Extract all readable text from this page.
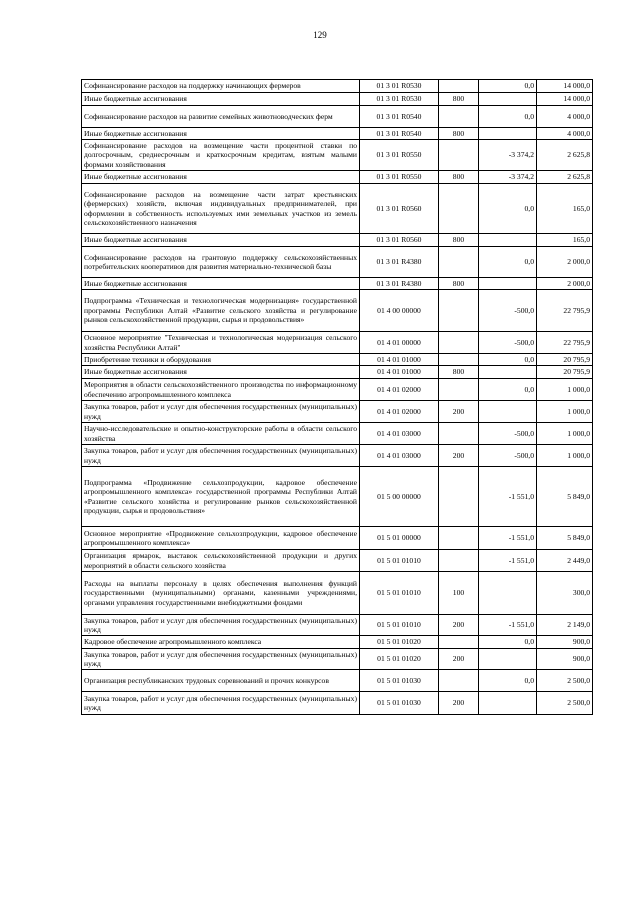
129
Софинансирование расходов на поддержку начинающих фермеров	01 3 01 R0530		0,0	14 000,0
Иные бюджетные ассигнования	01 3 01 R0530	800		14 000,0
Софинансирование расходов на развитие семейных животноводческих ферм	01 3 01 R0540		0,0	4 000,0
Иные бюджетные ассигнования	01 3 01 R0540	800		4 000,0
Софинансирование расходов на возмещение части процентной ставки по долгосрочным, среднесрочным и краткосрочным кредитам, взятым малыми формами хозяйствования	01 3 01 R0550		-3 374,2	2 625,8
Иные бюджетные ассигнования	01 3 01 R0550	800	-3 374,2	2 625,8
Софинансирование расходов на возмещение части затрат крестьянских (фермерских) хозяйств, включая индивидуальных предпринимателей, при оформлении в собственность используемых ими земельных участков из земель сельскохозяйственного назначения	01 3 01 R0560		0,0	165,0
Иные бюджетные ассигнования	01 3 01 R0560	800		165,0
Софинансирование расходов на грантовую поддержку сельскохозяйственных потребительских кооперативов для развития материально-технической базы	01 3 01 R4380		0,0	2 000,0
Иные бюджетные ассигнования	01 3 01 R4380	800		2 000,0
Подпрограмма «Техническая и технологическая модернизация» государственной программы Республики Алтай «Развитие сельского хозяйства и регулирование рынков сельскохозяйственной продукции, сырья и продовольствия»	01 4 00 00000		-500,0	22 795,9
Основное мероприятие "Техническая и технологическая модернизация сельского хозяйства Республики Алтай"	01 4 01 00000		-500,0	22 795,9
Приобретение техники и оборудования	01 4 01 01000		0,0	20 795,9
Иные бюджетные ассигнования	01 4 01 01000	800		20 795,9
Мероприятия в области сельскохозяйственного производства по информационному обеспечению агропромышленного комплекса	01 4 01 02000		0,0	1 000,0
Закупка товаров, работ и услуг для обеспечения государственных (муниципальных) нужд	01 4 01 02000	200		1 000,0
Научно-исследовательские и опытно-конструкторские работы в области сельского хозяйства	01 4 01 03000		-500,0	1 000,0
Закупка товаров, работ и услуг для обеспечения государственных (муниципальных) нужд	01 4 01 03000	200	-500,0	1 000,0
Подпрограмма «Продвижение сельхозпродукции, кадровое обеспечение агропромышленного комплекса» государственной программы Республики Алтай «Развитие сельского хозяйства и регулирование рынков сельскохозяйственной продукции, сырья и продовольствия»	01 5 00 00000		-1 551,0	5 849,0
Основное мероприятие «Продвижение сельхозпродукции, кадровое обеспечение агропромышленного комплекса»	01 5 01 00000		-1 551,0	5 849,0
Организация ярмарок, выставок сельскохозяйственной продукции и других мероприятий в области сельского хозяйства	01 5 01 01010		-1 551,0	2 449,0
Расходы на выплаты персоналу в целях обеспечения выполнения функций государственными (муниципальными) органами, казенными учреждениями, органами управления государственными внебюджетными фондами	01 5 01 01010	100		300,0
Закупка товаров, работ и услуг для обеспечения государственных (муниципальных) нужд	01 5 01 01010	200	-1 551,0	2 149,0
Кадровое обеспечение агропромышленного комплекса	01 5 01 01020		0,0	900,0
Закупка товаров, работ и услуг для обеспечения государственных (муниципальных) нужд	01 5 01 01020	200		900,0
Организация республиканских трудовых соревнований и прочих конкурсов	01 5 01 01030		0,0	2 500,0
Закупка товаров, работ и услуг для обеспечения государственных (муниципальных) нужд	01 5 01 01030	200		2 500,0
